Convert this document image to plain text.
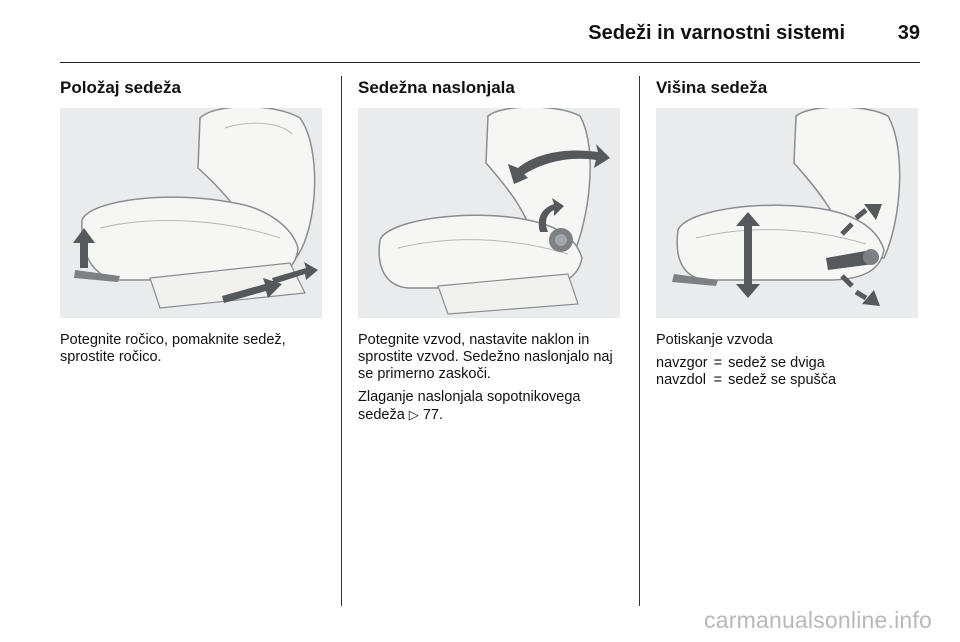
Sedeži in varnostni sistemi	39
Položaj sedeža

Potegnite ročico, pomaknite sedež, sprostite ročico.

Sedežna naslonjala

Potegnite vzvod, nastavite naklon in sprostite vzvod. Sedežno naslonjalo naj se primerno zaskoči.

Zlaganje naslonjala sopotnikovega sedeža ▷ 77.

Višina sedeža

Potiskanje vzvoda

navzgor	=	sedež se dviga
navzdol	=	sedež se spušča
carmanualsonline.info
